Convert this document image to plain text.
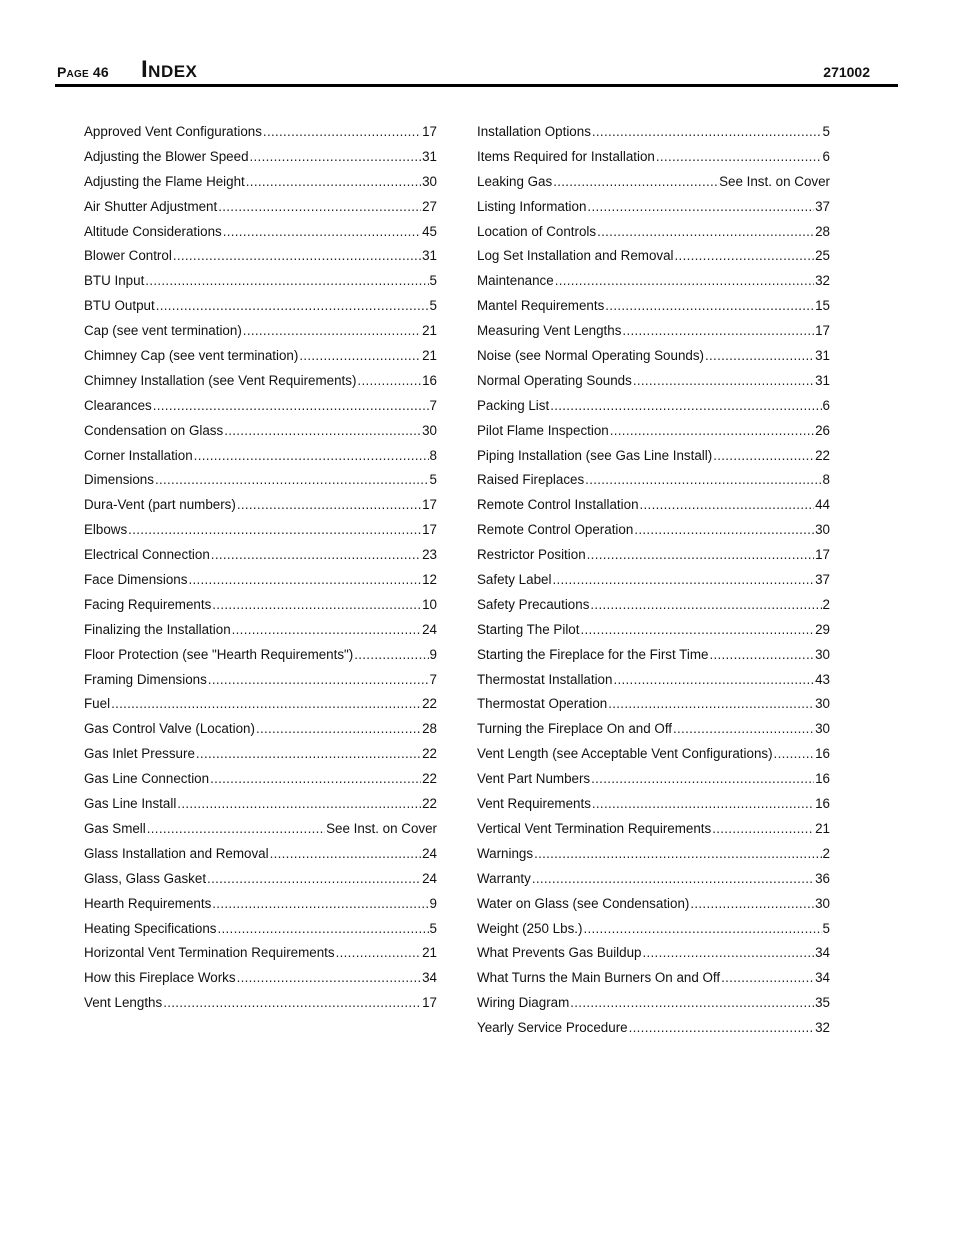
Page 46 Index	271002
Approved Vent Configurations .....	17
Adjusting the Blower Speed .....	31
Adjusting the Flame Height .....	30
Air Shutter Adjustment .....	27
Altitude Considerations .....	45
Blower Control .....	31
BTU Input .....	5
BTU Output .....	5
Cap (see vent termination) .....	21
Chimney Cap (see vent termination) .....	21
Chimney Installation (see Vent Requirements) .....	16
Clearances .....	7
Condensation on Glass .....	30
Corner Installation .....	8
Dimensions .....	5
Dura-Vent (part numbers) .....	17
Elbows .....	17
Electrical Connection .....	23
Face Dimensions .....	12
Facing Requirements .....	10
Finalizing the Installation .....	24
Floor Protection (see "Hearth Requirements") .....	9
Framing Dimensions .....	7
Fuel .....	22
Gas Control Valve (Location) .....	28
Gas Inlet Pressure .....	22
Gas Line Connection .....	22
Gas Line Install .....	22
Gas Smell .....	See Inst. on Cover
Glass Installation and Removal .....	24
Glass, Glass Gasket .....	24
Hearth Requirements .....	9
Heating Specifications .....	5
Horizontal Vent Termination Requirements .....	21
How this Fireplace Works .....	34
Vent Lengths .....	17
Installation Options .....	5
Items Required for Installation .....	6
Leaking Gas .....	See Inst. on Cover
Listing Information .....	37
Location of Controls .....	28
Log Set Installation and Removal .....	25
Maintenance .....	32
Mantel Requirements .....	15
Measuring Vent Lengths .....	17
Noise (see Normal Operating Sounds) .....	31
Normal Operating Sounds .....	31
Packing List .....	6
Pilot Flame Inspection .....	26
Piping Installation (see Gas Line Install) .....	22
Raised Fireplaces .....	8
Remote Control Installation .....	44
Remote Control Operation .....	30
Restrictor Position .....	17
Safety Label .....	37
Safety Precautions .....	2
Starting The Pilot .....	29
Starting the Fireplace for the First Time .....	30
Thermostat Installation .....	43
Thermostat Operation .....	30
Turning the Fireplace On and Off .....	30
Vent Length (see Acceptable Vent Configurations) .....	16
Vent Part Numbers .....	16
Vent Requirements .....	16
Vertical Vent Termination Requirements .....	21
Warnings .....	2
Warranty .....	36
Water on Glass (see Condensation) .....	30
Weight (250 Lbs.) .....	5
What Prevents Gas Buildup .....	34
What Turns the Main Burners On and Off .....	34
Wiring Diagram .....	35
Yearly Service Procedure .....	32
